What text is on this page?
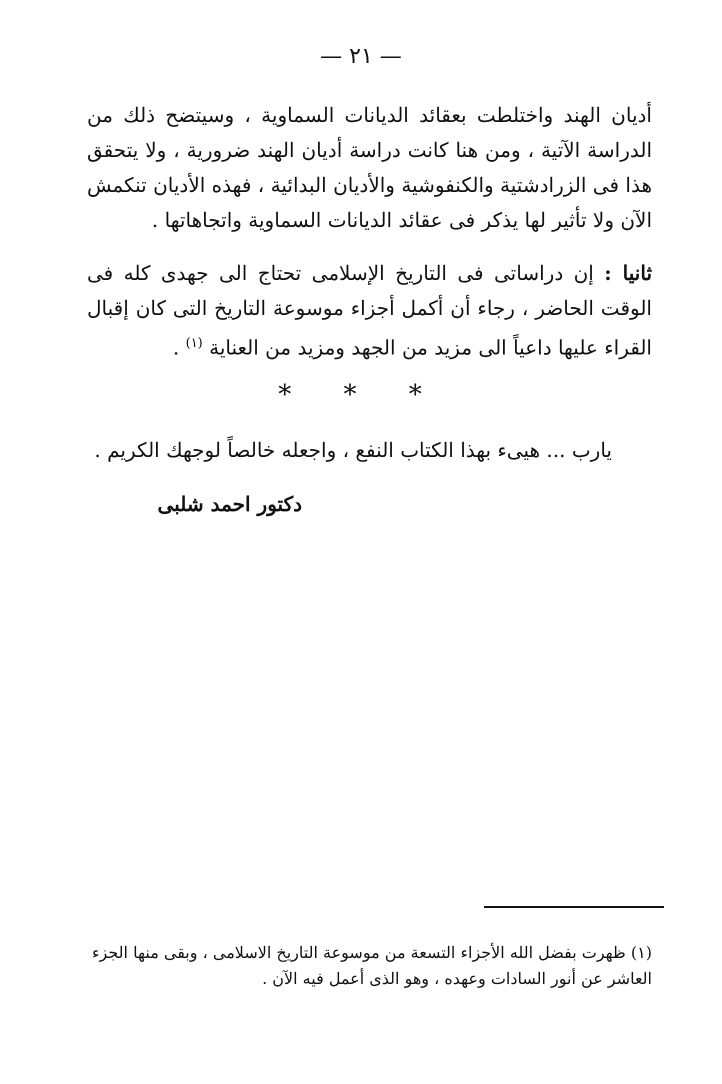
— ٢١ —
أديان الهند واختلطت بعقائد الديانات السماوية ، وسيتضح ذلك من الدراسة الآتية ، ومن هنا كانت دراسة أديان الهند ضرورية ، ولا يتحقق هذا فى الزرادشتية والكنفوشية والأديان البدائية ، فهذه الأديان تنكمش الآن ولا تأثير لها يذكر فى عقائد الديانات السماوية واتجاهاتها .
ثانيا : إن دراساتى فى التاريخ الإسلامى تحتاج الى جهدى كله فى الوقت الحاضر ، رجاء أن أكمل أجزاء موسوعة التاريخ التى كان إقبال القراء عليها داعياً الى مزيد من الجهد ومزيد من العناية $^{(١)}$ .
* * *
يارب ... هيىء بهذا الكتاب النفع ، واجعله خالصاً لوجهك الكريم .
دكتور احمد شلبى
(١) ظهرت بفضل الله الأجزاء التسعة من موسوعة التاريخ الاسلامى ، وبقى منها الجزء العاشر عن أنور السادات وعهده ، وهو الذى أعمل فيه الآن .
